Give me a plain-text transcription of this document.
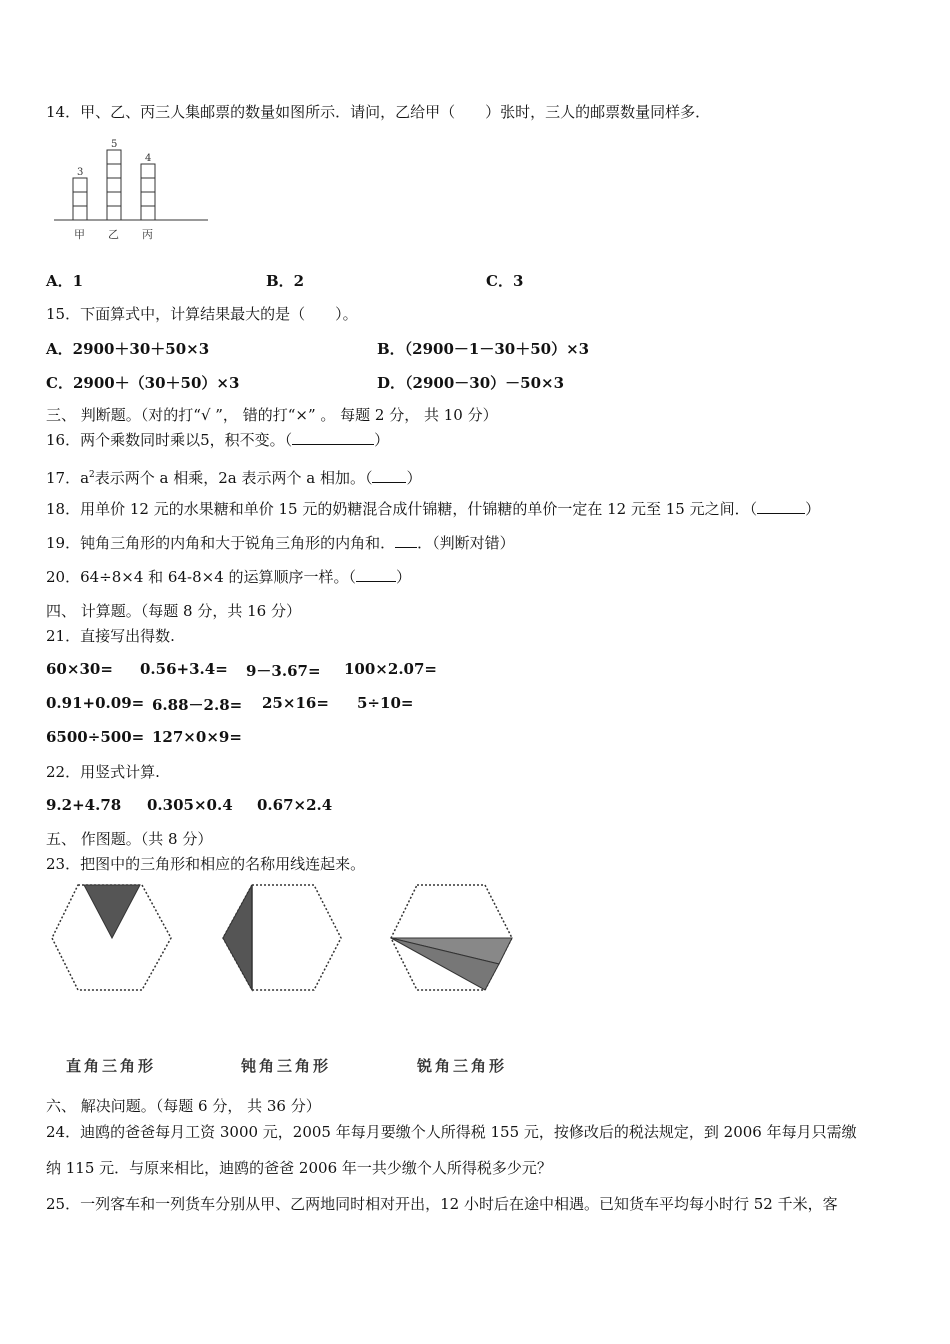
14．甲、乙、丙三人集邮票的数量如图所示．请问，乙给甲（　　）张时，三人的邮票数量同样多．
3
5
4
甲 乙 丙
A．1	B．2	C．3
15．下面算式中，计算结果最大的是（　　）。
A．2900＋30＋50×3	B．（2900－1－30＋50）×3
C．2900＋（30＋50）×3	D．（2900－30）－50×3
三、 判断题。（对的打“√ ”， 错的打“×” 。 每题 2 分， 共 10 分）
16．两个乘数同时乘以5，积不变。（	）
17．$a^2$表示两个 a 相乘，2a 表示两个 a 相加。（ ）
18．用单价 12 元的水果糖和单价 15 元的奶糖混合成什锦糖，什锦糖的单价一定在 12 元至 15 元之间．（	）
19．钝角三角形的内角和大于锐角三角形的内角和． ．（判断对错）
20．64÷8×4 和 64-8×4 的运算顺序一样。（	）
四、 计算题。（每题 8 分，共 16 分）
21．直接写出得数.
60×30= 0.56+3.4= 9－3.67= 100×2.07=
0.91+0.09= 6.88－2.8= 25×16= 5÷10=
6500÷500= 127×0×9=
22．用竖式计算.
9.2+4.78 0.305×0.4 0.67×2.4
五、 作图题。（共 8 分）
23．把图中的三角形和相应的名称用线连起来。
直角三角形	钝角三角形	锐角三角形
六、 解决问题。（每题 6 分， 共 36 分）
24．迪鸥的爸爸每月工资 3000 元，2005 年每月要缴个人所得税 155 元，按修改后的税法规定，到 2006 年每月只需缴
纳 115 元．与原来相比，迪鸥的爸爸 2006 年一共少缴个人所得税多少元？
25．一列客车和一列货车分别从甲、乙两地同时相对开出，12 小时后在途中相遇。已知货车平均每小时行 52 千米，客
